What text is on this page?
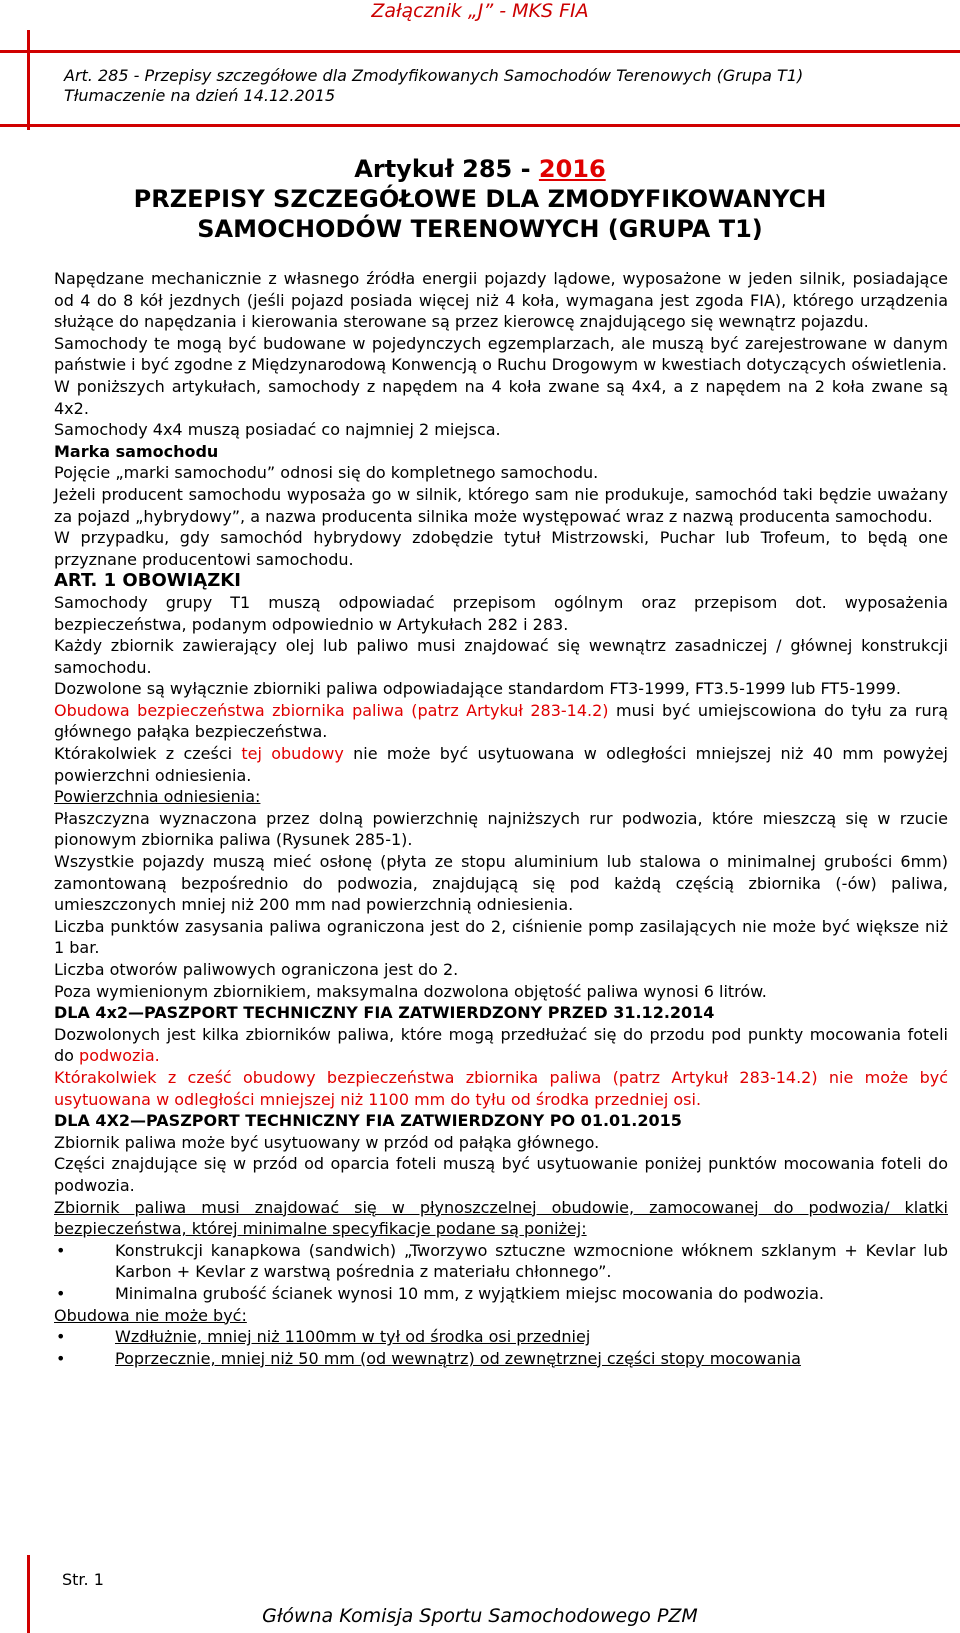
Załącznik „J” - MKS FIA
Art. 285 - Przepisy szczegółowe dla Zmodyfikowanych Samochodów Terenowych (Grupa T1)
Tłumaczenie na dzień 14.12.2015
Artykuł 285 - 2016
PRZEPISY SZCZEGÓŁOWE DLA ZMODYFIKOWANYCH
SAMOCHODÓW TERENOWYCH (GRUPA T1)

Napędzane mechanicznie z własnego źródła energii pojazdy lądowe, wyposażone w jeden silnik, posiadające od 4 do 8 kół jezdnych (jeśli pojazd posiada więcej niż 4 koła, wymagana jest zgoda FIA), którego urządzenia służące do napędzania i kierowania sterowane są przez kierowcę znajdującego się wewnątrz pojazdu.

Samochody te mogą być budowane w pojedynczych egzemplarzach, ale muszą być zarejestrowane w danym państwie i być zgodne z Międzynarodową Konwencją o Ruchu Drogowym w kwestiach dotyczących oświetlenia.

W poniższych artykułach, samochody z napędem na 4 koła zwane są 4x4, a z napędem na 2 koła zwane są 4x2.

Samochody 4x4 muszą posiadać co najmniej 2 miejsca.

Marka samochodu

Pojęcie „marki samochodu” odnosi się do kompletnego samochodu.

Jeżeli producent samochodu wyposaża go w silnik, którego sam nie produkuje, samochód taki będzie uważany za pojazd „hybrydowy”, a nazwa producenta silnika może występować wraz z nazwą producenta samochodu.

W przypadku, gdy samochód hybrydowy zdobędzie tytuł Mistrzowski, Puchar lub Trofeum, to będą one przyznane producentowi samochodu.

ART. 1 OBOWIĄZKI

Samochody grupy T1 muszą odpowiadać przepisom ogólnym oraz przepisom dot. wyposażenia bezpieczeństwa, podanym odpowiednio w Artykułach 282 i 283.

Każdy zbiornik zawierający olej lub paliwo musi znajdować się wewnątrz zasadniczej / głównej konstrukcji samochodu.

Dozwolone są wyłącznie zbiorniki paliwa odpowiadające standardom FT3-1999, FT3.5-1999 lub FT5-1999.

Obudowa bezpieczeństwa zbiornika paliwa (patrz Artykuł 283-14.2) musi być umiejscowiona do tyłu za rurą głównego pałąka bezpieczeństwa.

Którakolwiek z cześci tej obudowy nie może być usytuowana w odległości mniejszej niż 40 mm powyżej powierzchni odniesienia.

Powierzchnia odniesienia:

Płaszczyzna wyznaczona przez dolną powierzchnię najniższych rur podwozia, które mieszczą się w rzucie pionowym zbiornika paliwa (Rysunek 285-1).

Wszystkie pojazdy muszą mieć osłonę (płyta ze stopu aluminium lub stalowa o minimalnej grubości 6mm) zamontowaną bezpośrednio do podwozia, znajdującą się pod każdą częścią zbiornika (-ów) paliwa, umieszczonych mniej niż 200 mm nad powierzchnią odniesienia.

Liczba punktów zasysania paliwa ograniczona jest do 2, ciśnienie pomp zasilających nie może być większe niż 1 bar.

Liczba otworów paliwowych ograniczona jest do 2.

Poza wymienionym zbiornikiem, maksymalna dozwolona objętość paliwa wynosi 6 litrów.

DLA 4x2—PASZPORT TECHNICZNY FIA ZATWIERDZONY PRZED 31.12.2014

Dozwolonych jest kilka zbiorników paliwa, które mogą przedłużać się do przodu pod punkty mocowania foteli do podwozia.

Którakolwiek z cześć obudowy bezpieczeństwa zbiornika paliwa (patrz Artykuł 283-14.2) nie może być usytuowana w odległości mniejszej niż 1100 mm do tyłu od środka przedniej osi.

DLA 4X2—PASZPORT TECHNICZNY FIA ZATWIERDZONY PO 01.01.2015

Zbiornik paliwa może być usytuowany w przód od pałąka głównego.

Części znajdujące się w przód od oparcia foteli muszą być usytuowanie poniżej punktów mocowania foteli do podwozia.

Zbiornik paliwa musi znajdować się w płynoszczelnej obudowie, zamocowanej do podwozia/ klatki bezpieczeństwa, której minimalne specyfikacje podane są poniżej:

•	Konstrukcji kanapkowa (sandwich) „Tworzywo sztuczne wzmocnione włóknem szklanym + Kevlar lub Karbon + Kevlar z warstwą pośrednia z materiału chłonnego”.
•	Minimalna grubość ścianek wynosi 10 mm, z wyjątkiem miejsc mocowania do podwozia.

Obudowa nie może być:

•	Wzdłużnie, mniej niż 1100mm w tył od środka osi przedniej
•	Poprzecznie, mniej niż 50 mm (od wewnątrz) od zewnętrznej części stopy mocowania
Str. 1
Główna Komisja Sportu Samochodowego PZM
